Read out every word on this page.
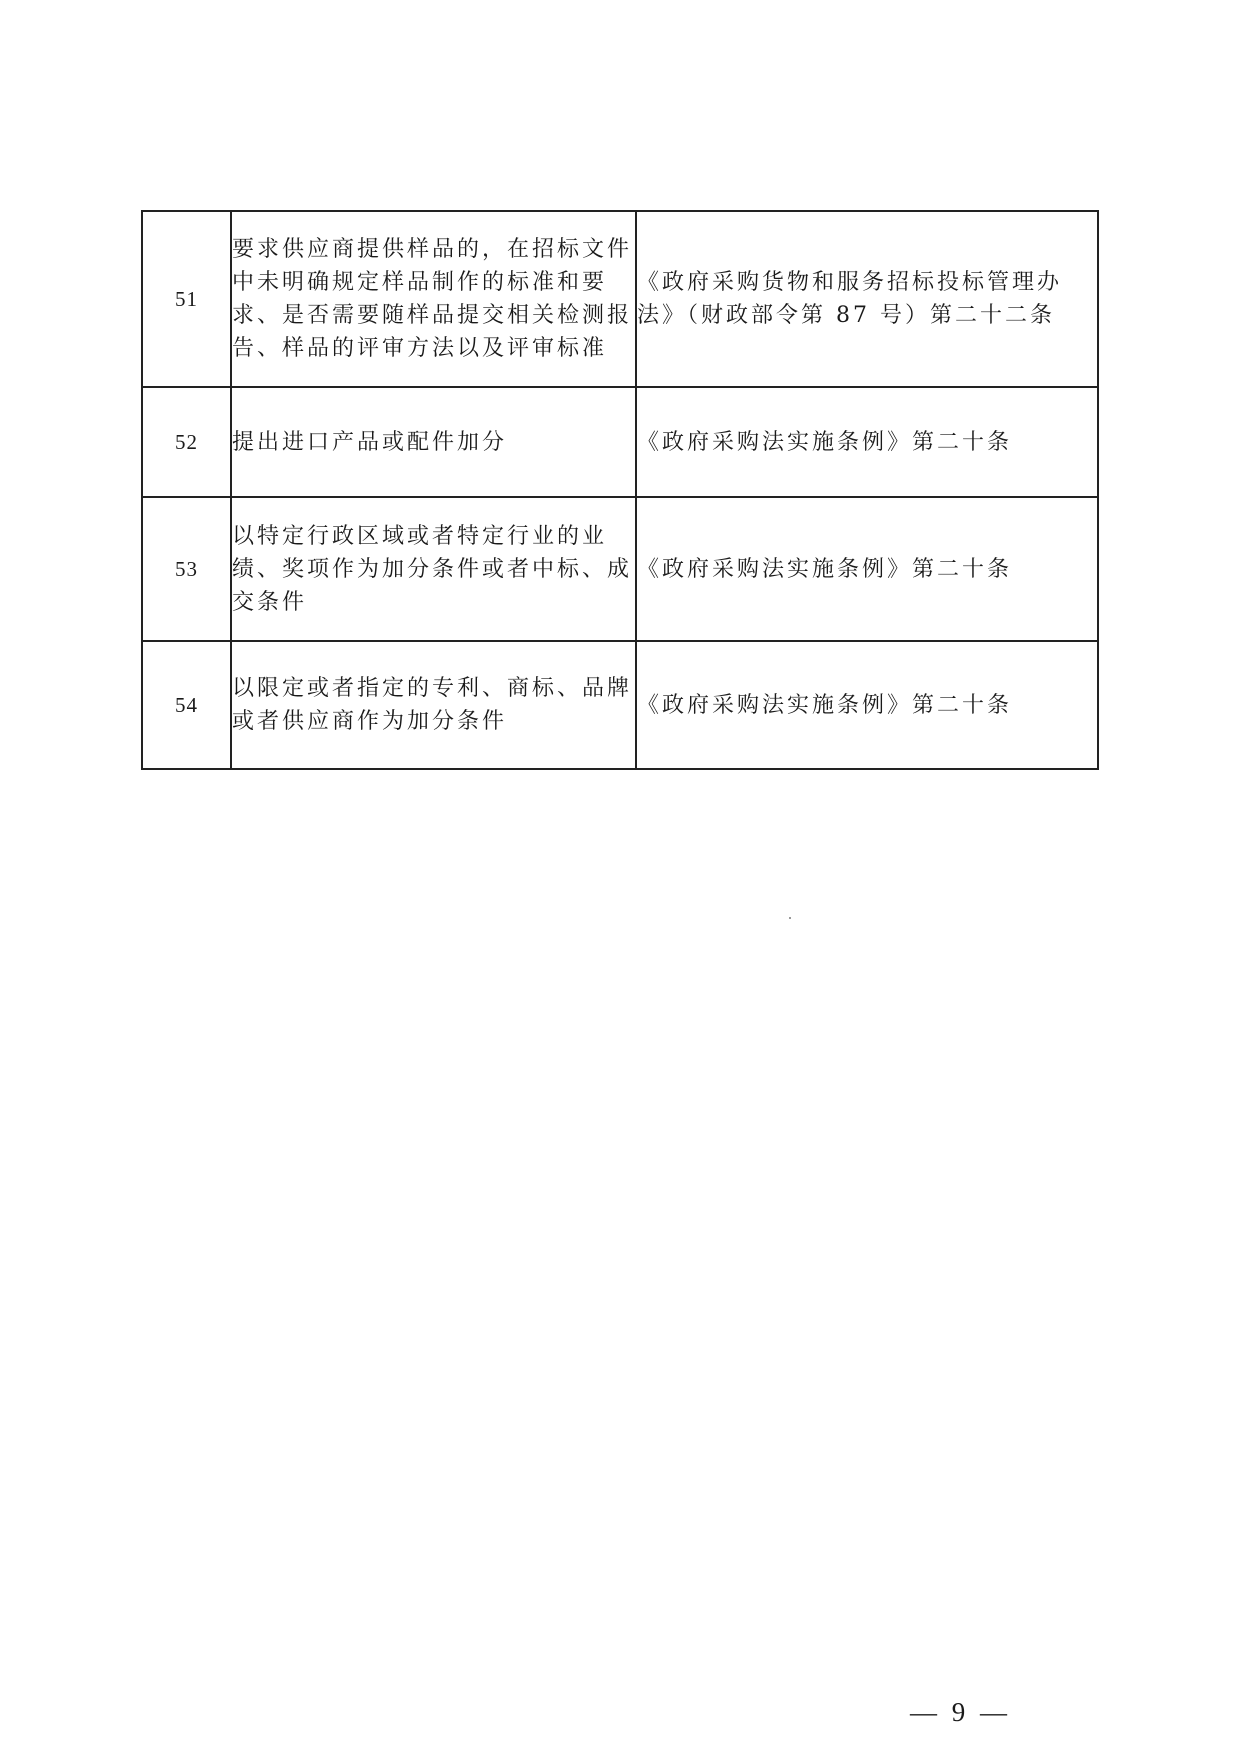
51	要求供应商提供样品的，在招标文件
中未明确规定样品制作的标准和要
求、是否需要随样品提交相关检测报
告、样品的评审方法以及评审标准	《政府采购货物和服务招标投标管理办
法》（财政部令第 87 号）第二十二条

52	提出进口产品或配件加分	《政府采购法实施条例》第二十条

53	以特定行政区域或者特定行业的业
绩、奖项作为加分条件或者中标、成
交条件	《政府采购法实施条例》第二十条

54	以限定或者指定的专利、商标、品牌
或者供应商作为加分条件	《政府采购法实施条例》第二十条
— 9 —
